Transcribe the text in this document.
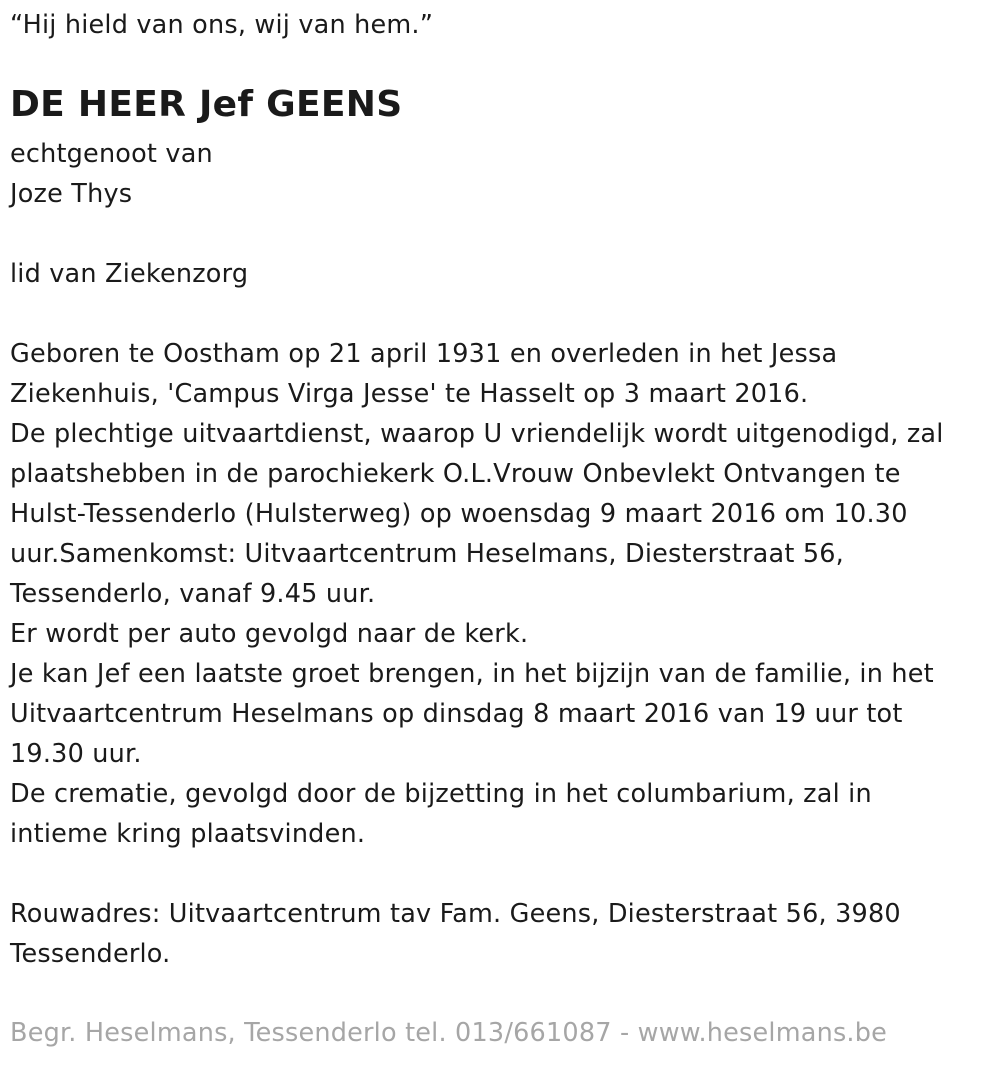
“Hij hield van ons, wij van hem.”
DE HEER Jef GEENS
echtgenoot van
Joze Thys
lid van Ziekenzorg
Geboren te Oostham op 21 april 1931 en overleden in het Jessa
Ziekenhuis, 'Campus Virga Jesse' te Hasselt op 3 maart 2016.
De plechtige uitvaartdienst, waarop U vriendelijk wordt uitgenodigd, zal
plaatshebben in de parochiekerk O.L.Vrouw Onbevlekt Ontvangen te
Hulst-Tessenderlo (Hulsterweg) op woensdag 9 maart 2016 om 10.30
uur.Samenkomst: Uitvaartcentrum Heselmans, Diesterstraat 56,
Tessenderlo, vanaf 9.45 uur.
Er wordt per auto gevolgd naar de kerk.
Je kan Jef een laatste groet brengen, in het bijzijn van de familie, in het
Uitvaartcentrum Heselmans op dinsdag 8 maart 2016 van 19 uur tot
19.30 uur.
De crematie, gevolgd door de bijzetting in het columbarium, zal in
intieme kring plaatsvinden.
Rouwadres: Uitvaartcentrum tav Fam. Geens, Diesterstraat 56, 3980
Tessenderlo.
Begr. Heselmans, Tessenderlo tel. 013/661087 - www.heselmans.be
